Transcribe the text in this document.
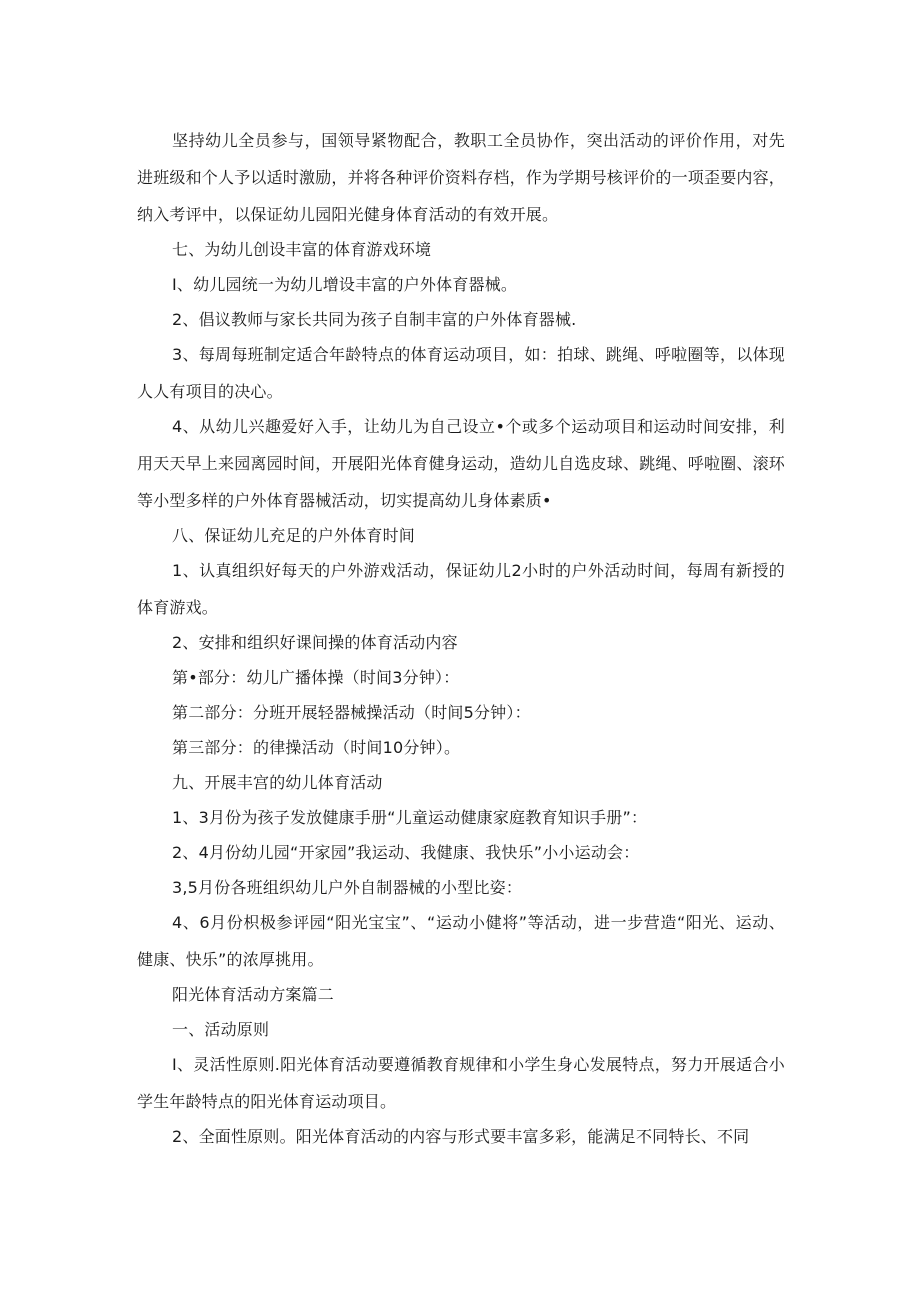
坚持幼儿全员参与，国领导紧物配合，教职工全员协作，突出活动的评价作用，对先进班级和个人予以适时激励，并将各种评价资料存档，作为学期号核评价的一项歪要内容，纳入考评中，以保证幼儿园阳光健身体育活动的有效开展。

七、为幼儿创设丰富的体育游戏环境

I、幼儿园统一为幼儿增设丰富的户外体育器械。

2、倡议教师与家长共同为孩子自制丰富的户外体育器械.

3、每周每班制定适合年龄特点的体育运动项目，如：拍球、跳绳、呼啦圈等，以体现人人有项目的决心。

4、从幼儿兴趣爱好入手，让幼儿为自己设立•个或多个运动项目和运动时间安排，利用天天早上来园离园时间，开展阳光体育健身运动，造幼儿自选皮球、跳绳、呼啦圈、滚环等小型多样的户外体育器械活动，切实提高幼儿身体素质•

八、保证幼儿充足的户外体育时间

1、认真组织好每天的户外游戏活动，保证幼儿2小时的户外活动时间，每周有新授的体育游戏。

2、安排和组织好课间操的体育活动内容

第•部分：幼儿广播体操（时间3分钟）：

第二部分：分班开展轻器械操活动（时间5分钟）：

第三部分：的律操活动（时间10分钟）。

九、开展丰宫的幼儿体育活动

1、3月份为孩子发放健康手册“儿童运动健康家庭教育知识手册”：

2、4月份幼儿园“开家园”我运动、我健康、我快乐”小小运动会：

3,5月份各班组织幼儿户外自制器械的小型比姿：

4、6月份枳极参评园“阳光宝宝”、“运动小健将”等活动，进一步营造“阳光、运动、健康、快乐”的浓厚挑用。

阳光体育活动方案篇二

一、活动原则

I、灵活性原则.阳光体育活动要遵循教育规律和小学生身心发展特点，努力开展适合小学生年龄特点的阳光体育运动项目。

2、全面性原则。阳光体育活动的内容与形式要丰富多彩，能满足不同特长、不同
